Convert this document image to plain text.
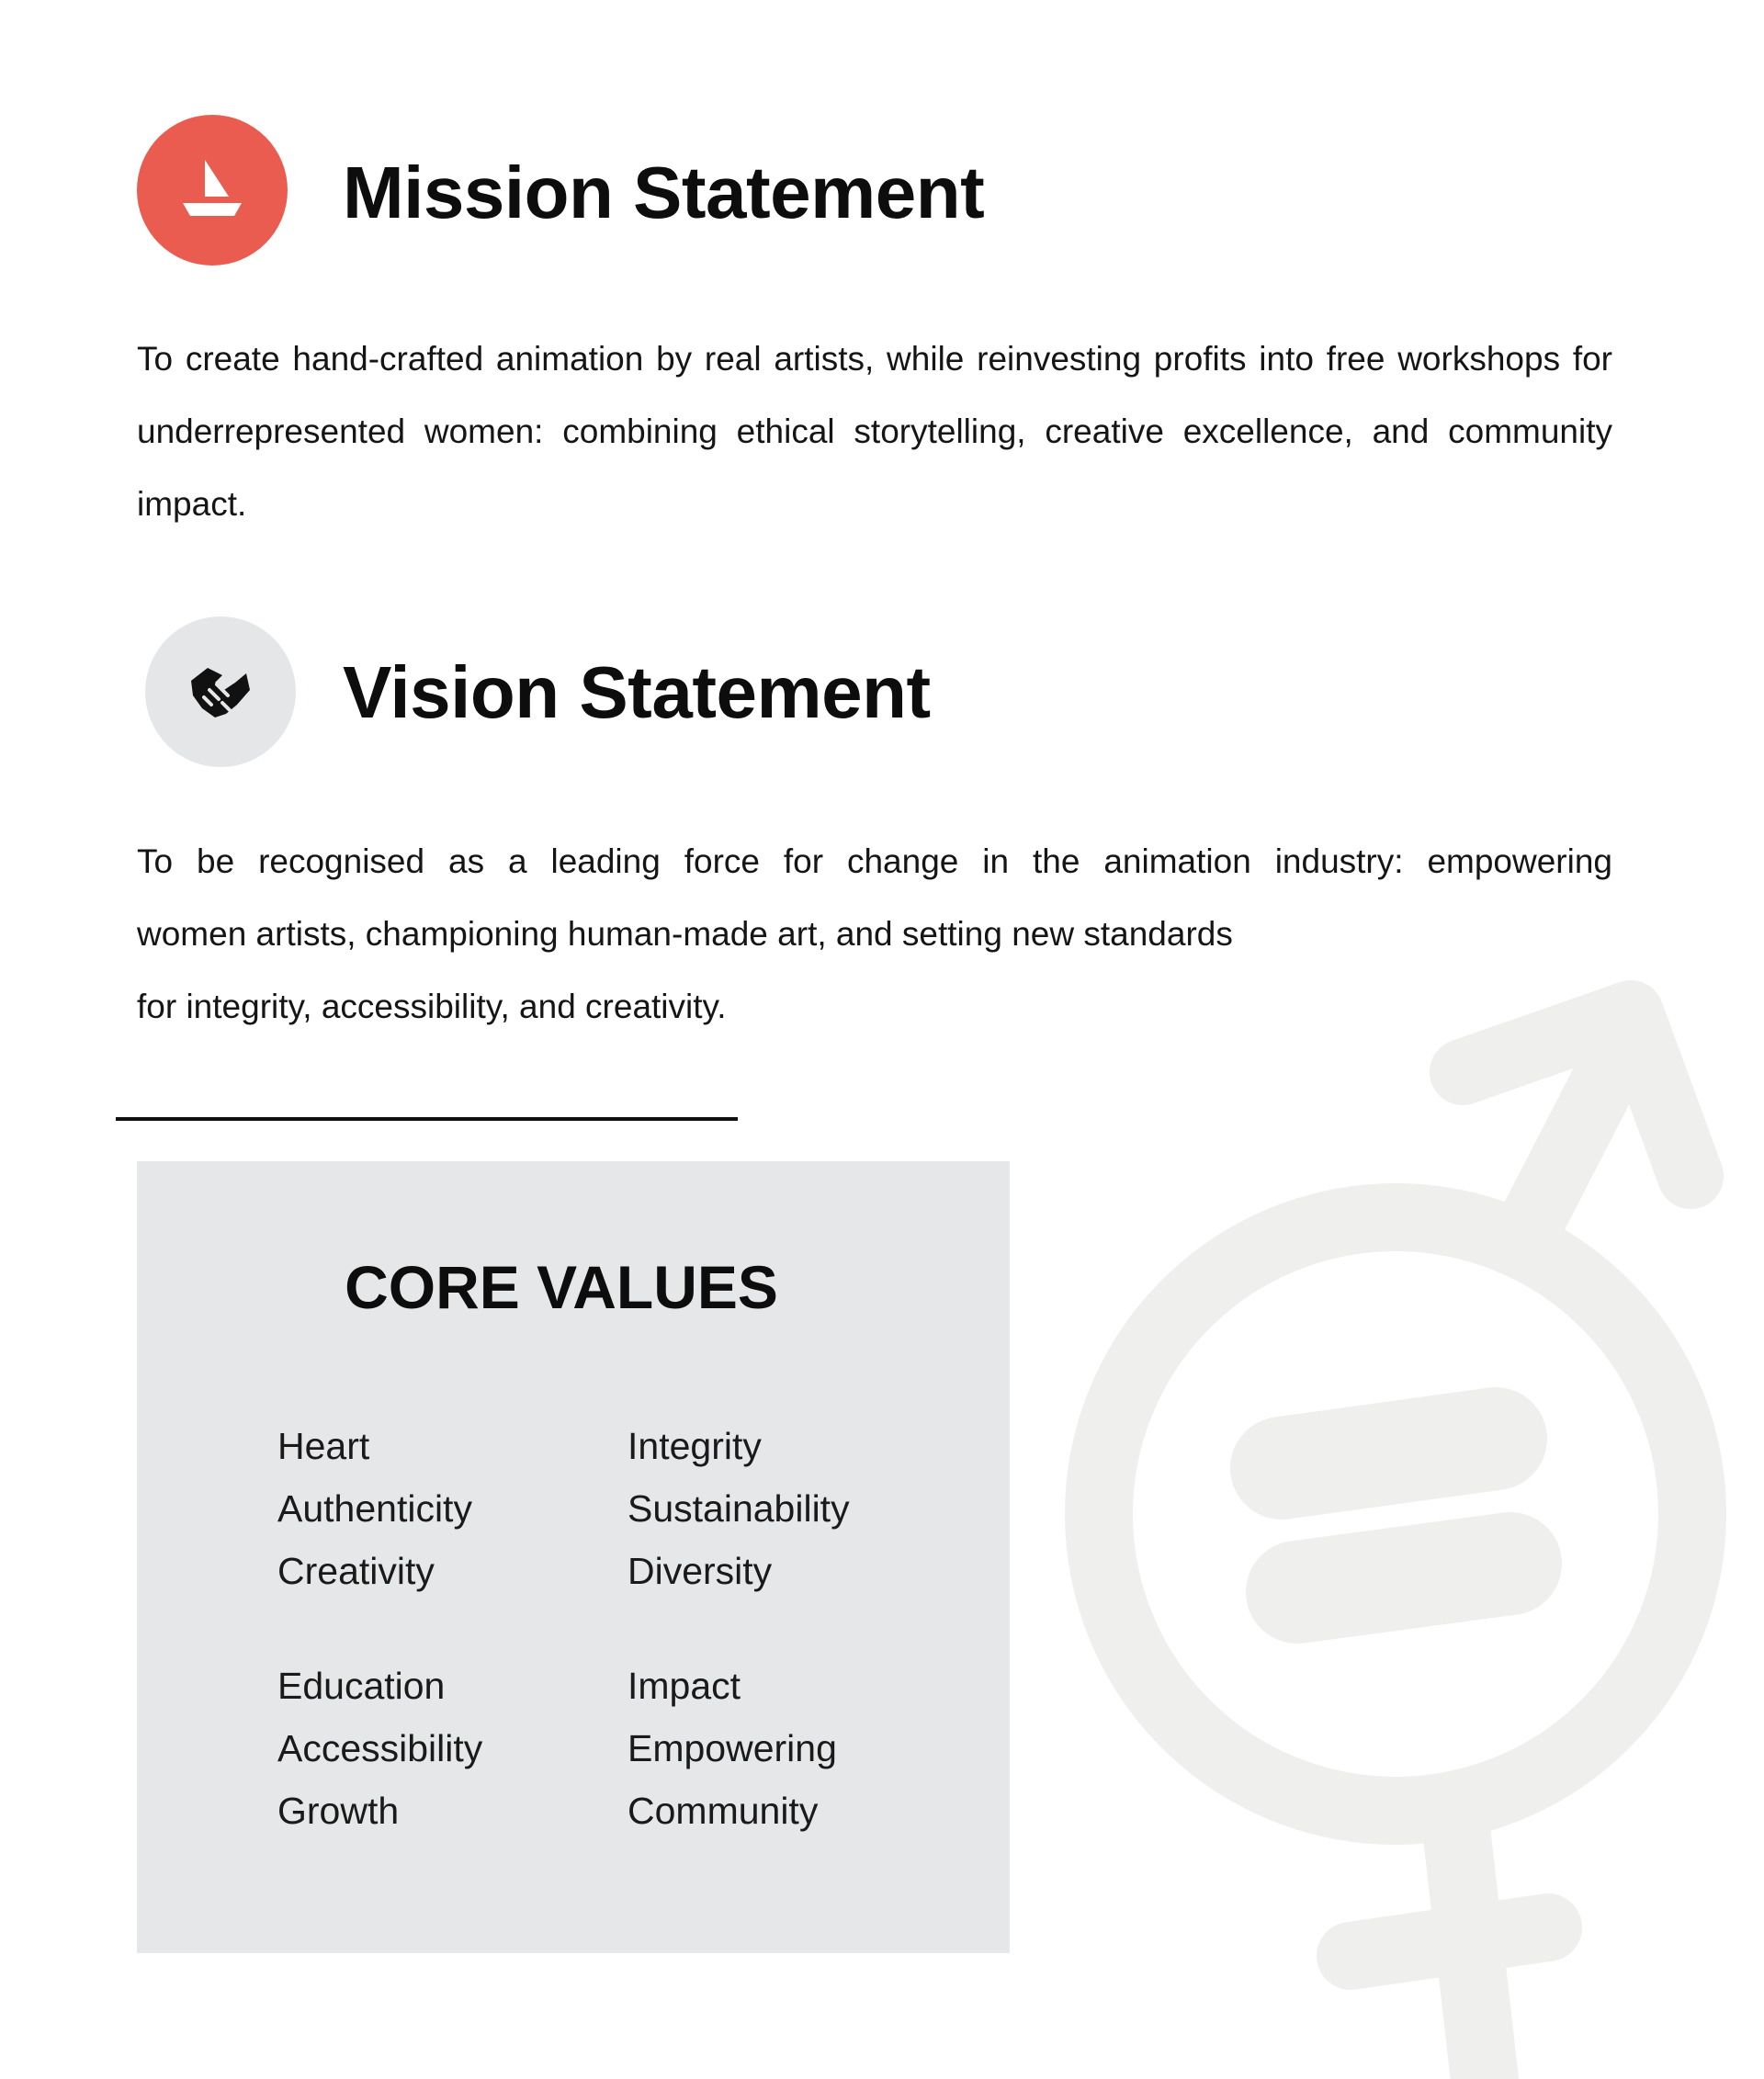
Mission Statement

To create hand-crafted animation by real artists, while reinvesting profits into free workshops for underrepresented women: combining ethical storytelling, creative excellence, and community impact.

Vision Statement

To be recognised as a leading force for change in the animation industry: empowering
women artists, championing human-made art, and setting new standards
for integrity, accessibility, and creativity.

CORE VALUES
Heart
Authenticity
Creativity
Education
Accessibility
Growth
Integrity
Sustainability
Diversity
Impact
Empowering
Community
